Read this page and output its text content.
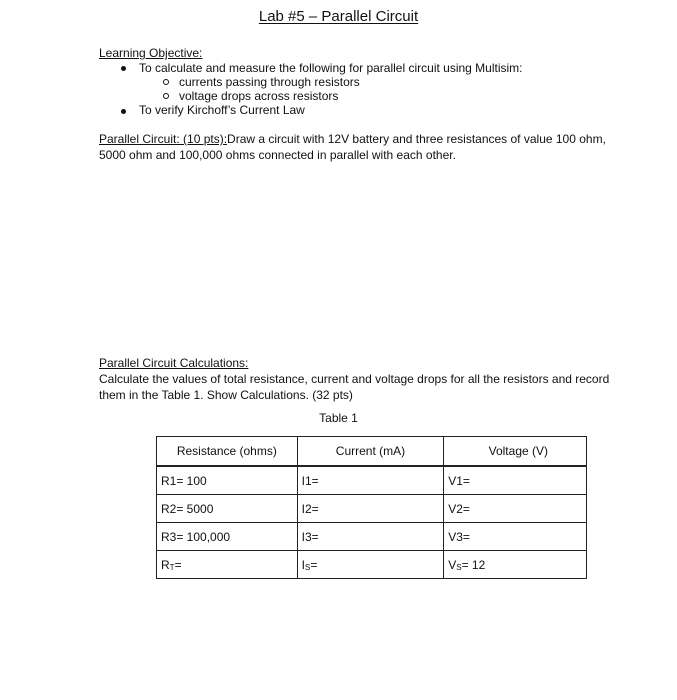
Lab #5 – Parallel Circuit
Learning Objective:
To calculate and measure the following for parallel circuit using Multisim:
currents passing through resistors
voltage drops across resistors
To verify Kirchoff’s Current Law
Parallel Circuit: (10 pts):Draw a circuit with 12V battery and three resistances of value 100 ohm,
5000 ohm and 100,000 ohms connected in parallel with each other.
Parallel Circuit Calculations:
Calculate the values of total resistance, current and voltage drops for all the resistors and record
them in the Table 1. Show Calculations. (32 pts)
Table 1
Resistance (ohms)	Current (mA)	Voltage (V)
R1= 100	I1=	V1=
R2= 5000	I2=	V2=
R3= 100,000	I3=	V3=
RT=	IS=	VS= 12
